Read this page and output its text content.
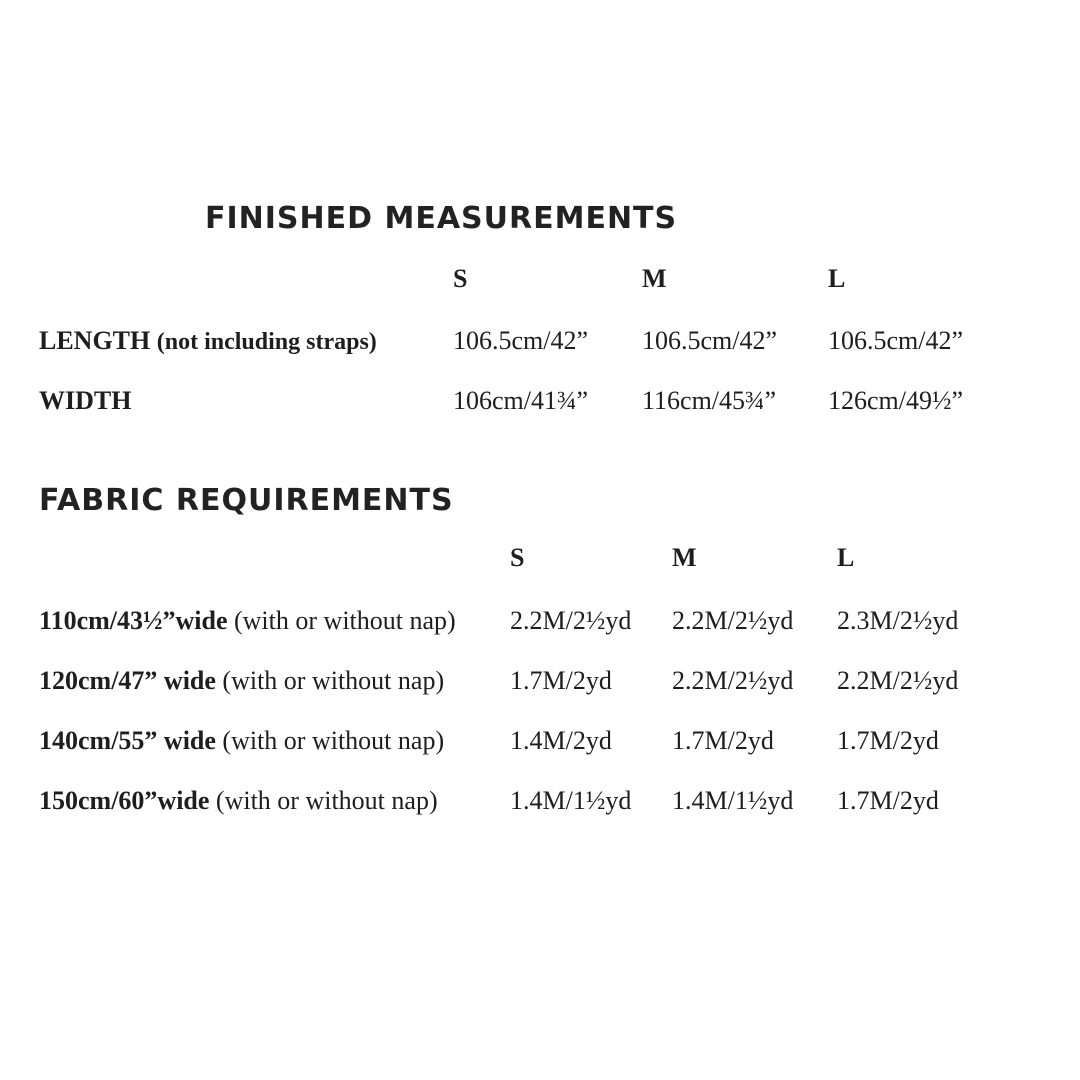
FINISHED MEASUREMENTS
S	M	L
LENGTH (not including straps)	106.5cm/42” 106.5cm/42” 106.5cm/42”
WIDTH	106cm/41¾” 116cm/45¾” 126cm/49½”
FABRIC REQUIREMENTS
S	M	L
110cm/43½”wide (with or without nap) 2.2M/2½yd 2.2M/2½yd 2.3M/2½yd
120cm/47” wide (with or without nap)	1.7M/2yd 2.2M/2½yd 2.2M/2½yd
140cm/55” wide (with or without nap)	1.4M/2yd 1.7M/2yd 1.7M/2yd
150cm/60”wide (with or without nap)	1.4M/1½yd 1.4M/1½yd 1.7M/2yd
